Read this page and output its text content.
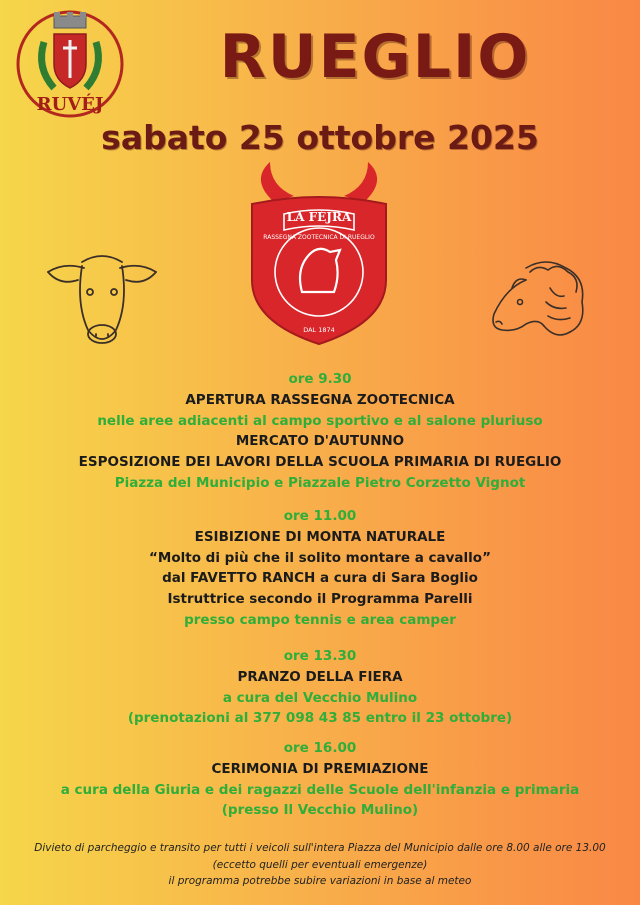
RUVÉJ
RUEGLIO
sabato 25 ottobre 2025
LA FÉJRA
RASSEGNA ZOOTECNICA DI RUEGLIO
DAL 1874
ore 9.30
APERTURA RASSEGNA ZOOTECNICA
nelle aree adiacenti al campo sportivo e al salone pluriuso
MERCATO D'AUTUNNO
ESPOSIZIONE DEI LAVORI DELLA SCUOLA PRIMARIA DI RUEGLIO
Piazza del Municipio e Piazzale Pietro Corzetto Vignot
ore 11.00
ESIBIZIONE DI MONTA NATURALE
“Molto di più che il solito montare a cavallo”
dal FAVETTO RANCH a cura di Sara Boglio
Istruttrice secondo il Programma Parelli
presso campo tennis e area camper
ore 13.30
PRANZO DELLA FIERA
a cura del Vecchio Mulino
(prenotazioni al 377 098 43 85 entro il 23 ottobre)
ore 16.00
CERIMONIA DI PREMIAZIONE
a cura della Giuria e dei ragazzi delle Scuole dell'infanzia e primaria
(presso Il Vecchio Mulino)
Divieto di parcheggio e transito per tutti i veicoli sull'intera Piazza del Municipio dalle ore 8.00 alle ore 13.00
(eccetto quelli per eventuali emergenze)
il programma potrebbe subire variazioni in base al meteo
